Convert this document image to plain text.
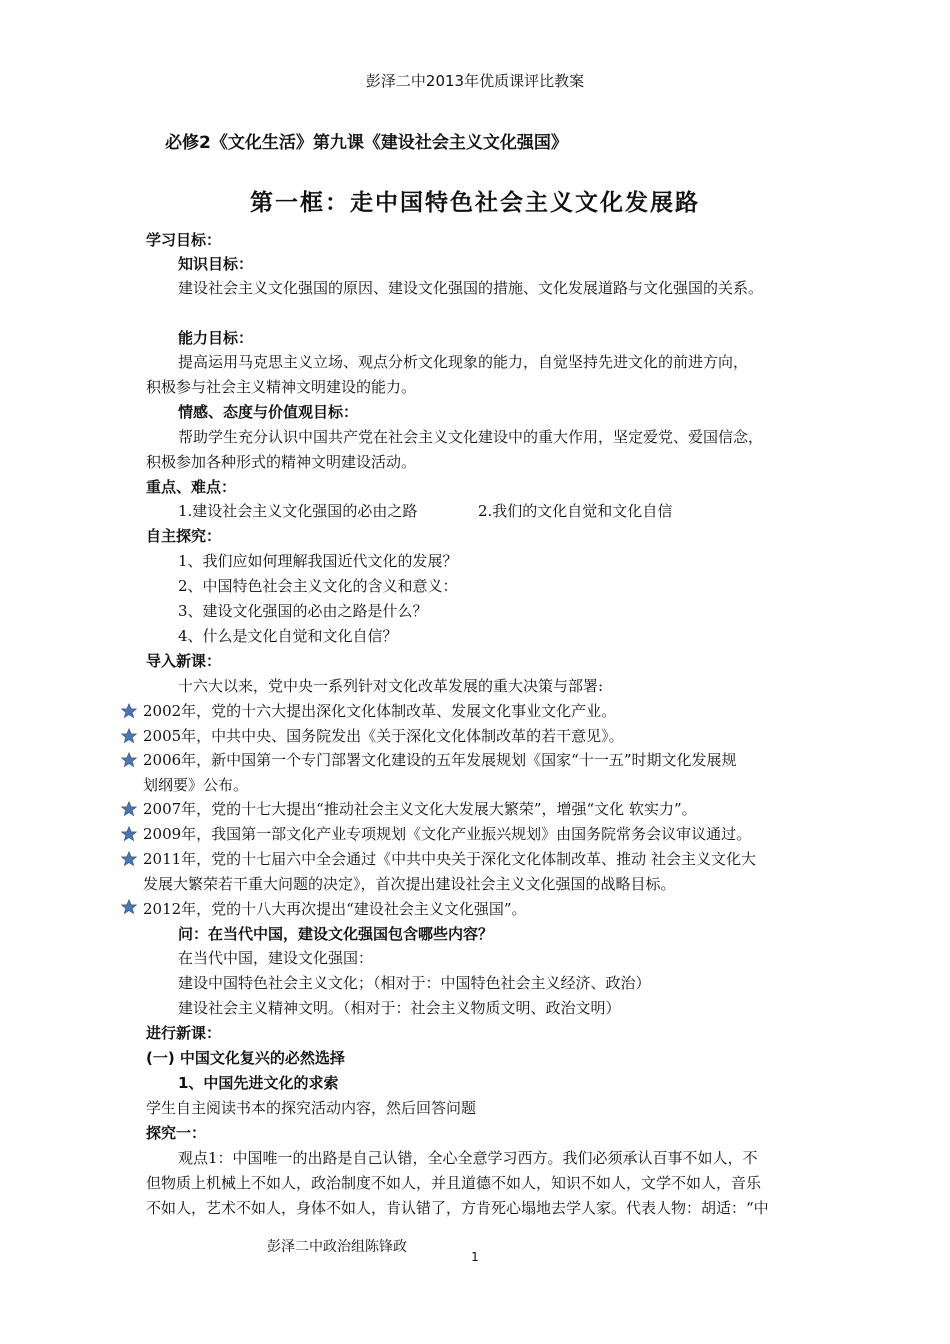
彭泽二中2013年优质课评比教案
必修2《文化生活》第九课《建设社会主义文化强国》
第一框：走中国特色社会主义文化发展路
学习目标：
知识目标：
建设社会主义文化强国的原因、建设文化强国的措施、文化发展道路与文化强国的关系。
能力目标：
提高运用马克思主义立场、观点分析文化现象的能力，自觉坚持先进文化的前进方向，
积极参与社会主义精神文明建设的能力。
情感、态度与价值观目标：
帮助学生充分认识中国共产党在社会主义文化建设中的重大作用，坚定爱党、爱国信念，
积极参加各种形式的精神文明建设活动。
重点、难点：
1.建设社会主义文化强国的必由之路	2.我们的文化自觉和文化自信
自主探究：
1、我们应如何理解我国近代文化的发展？
2、中国特色社会主义文化的含义和意义：
3、建设文化强国的必由之路是什么？
4、什么是文化自觉和文化自信？
导入新课：
十六大以来，党中央一系列针对文化改革发展的重大决策与部署:
2002年，党的十六大提出深化文化体制改革、发展文化事业文化产业。
2005年，中共中央、国务院发出《关于深化文化体制改革的若干意见》。
2006年，新中国第一个专门部署文化建设的五年发展规划《国家“十一五”时期文化发展规
划纲要》公布。
2007年，党的十七大提出“推动社会主义文化大发展大繁荣”，增强“文化 软实力”。
2009年，我国第一部文化产业专项规划《文化产业振兴规划》由国务院常务会议审议通过。
2011年，党的十七届六中全会通过《中共中央关于深化文化体制改革、推动 社会主义文化大
发展大繁荣若干重大问题的决定》，首次提出建设社会主义文化强国的战略目标。
2012年，党的十八大再次提出“建设社会主义文化强国”。
问：在当代中国，建设文化强国包含哪些内容？
在当代中国，建设文化强国：
建设中国特色社会主义文化；（相对于：中国特色社会主义经济、政治）
建设社会主义精神文明。（相对于：社会主义物质文明、政治文明）
进行新课：
(一) 中国文化复兴的必然选择
1、中国先进文化的求索
学生自主阅读书本的探究活动内容，然后回答问题
探究一：
观点1：中国唯一的出路是自己认错，全心全意学习西方。我们必须承认百事不如人，不
但物质上机械上不如人，政治制度不如人，并且道德不如人，知识不如人，文学不如人，音乐
不如人，艺术不如人，身体不如人，肯认错了，方肯死心塌地去学人家。代表人物：胡适：“中
彭泽二中政治组陈锋政
1
